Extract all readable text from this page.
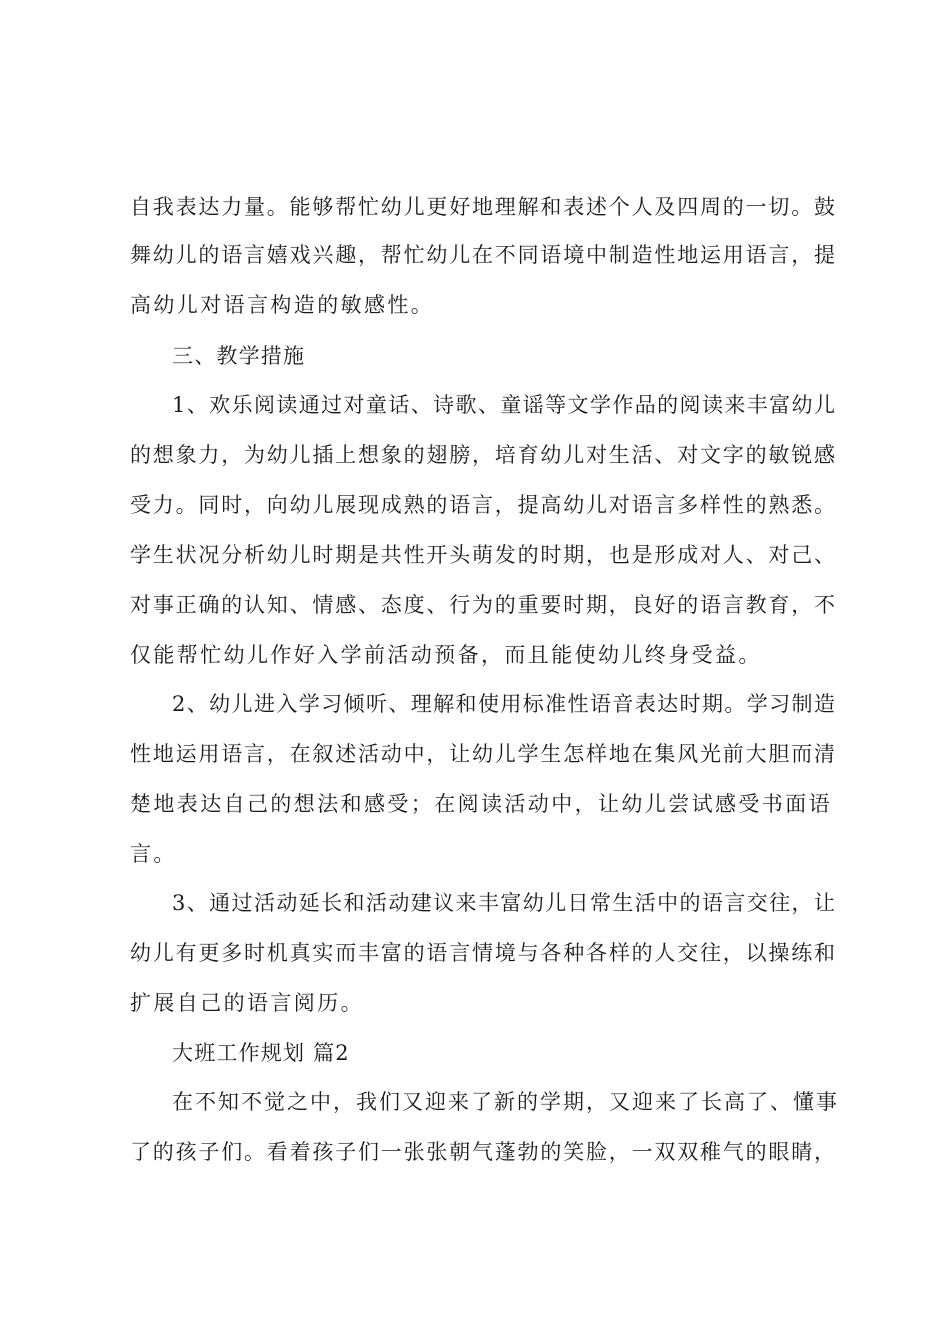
自我表达力量。能够帮忙幼儿更好地理解和表述个人及四周的一切。鼓
舞幼儿的语言嬉戏兴趣，帮忙幼儿在不同语境中制造性地运用语言，提
高幼儿对语言构造的敏感性。
三、教学措施
1、欢乐阅读通过对童话、诗歌、童谣等文学作品的阅读来丰富幼儿
的想象力，为幼儿插上想象的翅膀，培育幼儿对生活、对文字的敏锐感
受力。同时，向幼儿展现成熟的语言，提高幼儿对语言多样性的熟悉。
学生状况分析幼儿时期是共性开头萌发的时期，也是形成对人、对己、
对事正确的认知、情感、态度、行为的重要时期，良好的语言教育，不
仅能帮忙幼儿作好入学前活动预备，而且能使幼儿终身受益。
2、幼儿进入学习倾听、理解和使用标准性语音表达时期。学习制造
性地运用语言，在叙述活动中，让幼儿学生怎样地在集风光前大胆而清
楚地表达自己的想法和感受；在阅读活动中，让幼儿尝试感受书面语
言。
3、通过活动延长和活动建议来丰富幼儿日常生活中的语言交往，让
幼儿有更多时机真实而丰富的语言情境与各种各样的人交往，以操练和
扩展自己的语言阅历。
大班工作规划 篇2
在不知不觉之中，我们又迎来了新的学期，又迎来了长高了、懂事
了的孩子们。看着孩子们一张张朝气蓬勃的笑脸，一双双稚气的眼睛，
